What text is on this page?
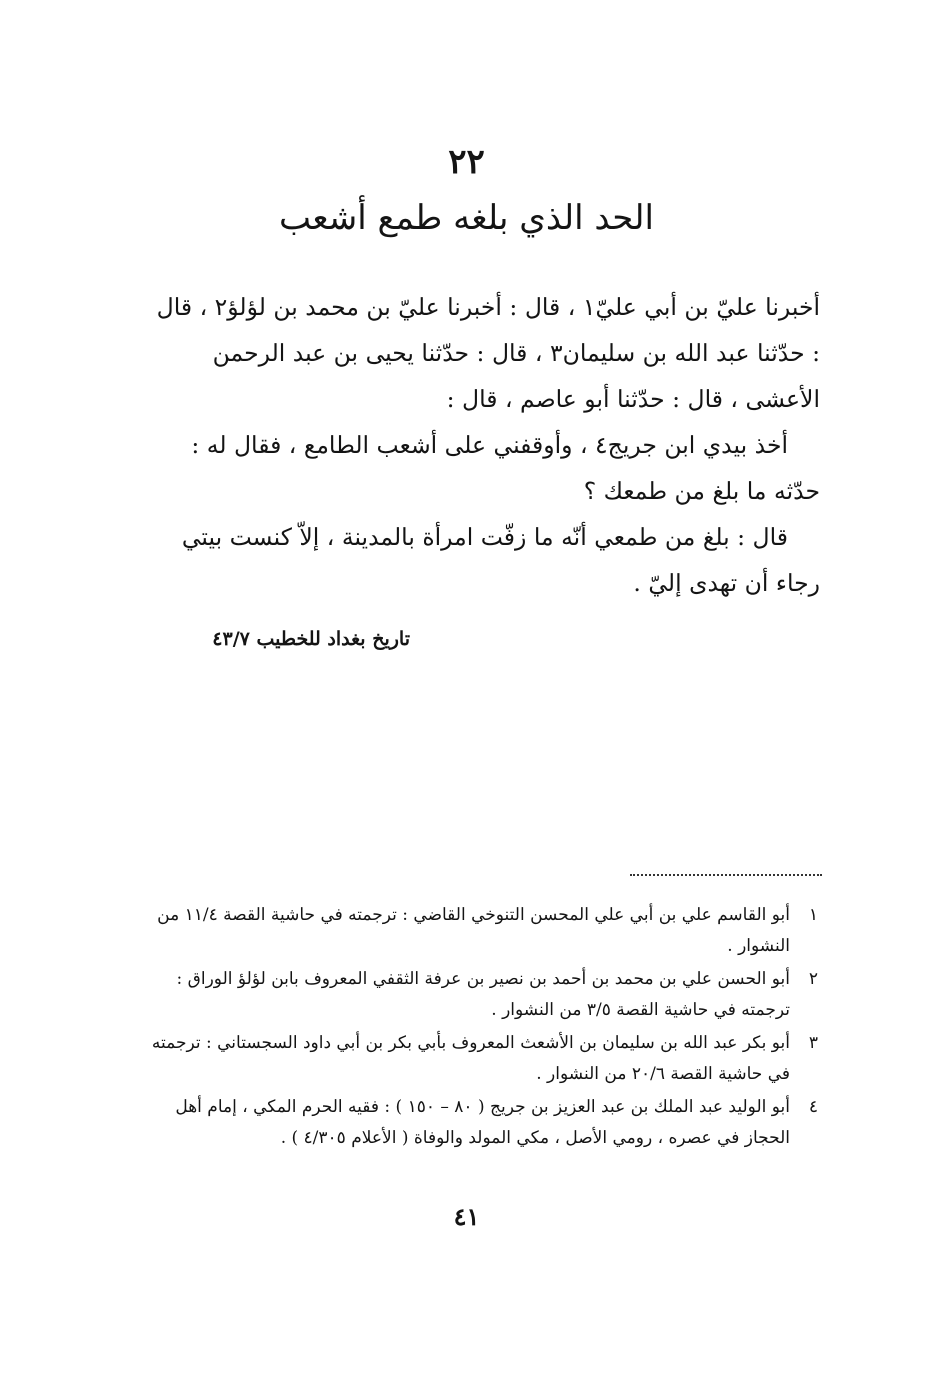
٢٢
الحد الذي بلغه طمع أشعب

أخبرنا عليّ بن أبي عليّ١ ، قال : أخبرنا عليّ بن محمد بن لؤلؤ٢ ، قال : حدّثنا عبد الله بن سليمان٣ ، قال : حدّثنا يحيى بن عبد الرحمن الأعشى ، قال : حدّثنا أبو عاصم ، قال :

أخذ بيدي ابن جريج٤ ، وأوقفني على أشعب الطامع ، فقال له : حدّثه ما بلغ من طمعك ؟

قال : بلغ من طمعي أنّه ما زفّت امرأة بالمدينة ، إلاّ كنست بيتي رجاء أن تهدى إليّ .

تاريخ بغداد للخطيب ٤٣/٧
١
أبو القاسم علي بن أبي علي المحسن التنوخي القاضي : ترجمته في حاشية القصة ١١/٤ من النشوار .
٢
أبو الحسن علي بن محمد بن أحمد بن نصير بن عرفة الثقفي المعروف بابن لؤلؤ الوراق : ترجمته في حاشية القصة ٣/٥ من النشوار .
٣
أبو بكر عبد الله بن سليمان بن الأشعث المعروف بأبي بكر بن أبي داود السجستاني : ترجمته في حاشية القصة ٢٠/٦ من النشوار .
٤
أبو الوليد عبد الملك بن عبد العزيز بن جريج ( ٨٠ – ١٥٠ ) : فقيه الحرم المكي ، إمام أهل الحجاز في عصره ، رومي الأصل ، مكي المولد والوفاة ( الأعلام ٤/٣٠٥ ) .
٤١
